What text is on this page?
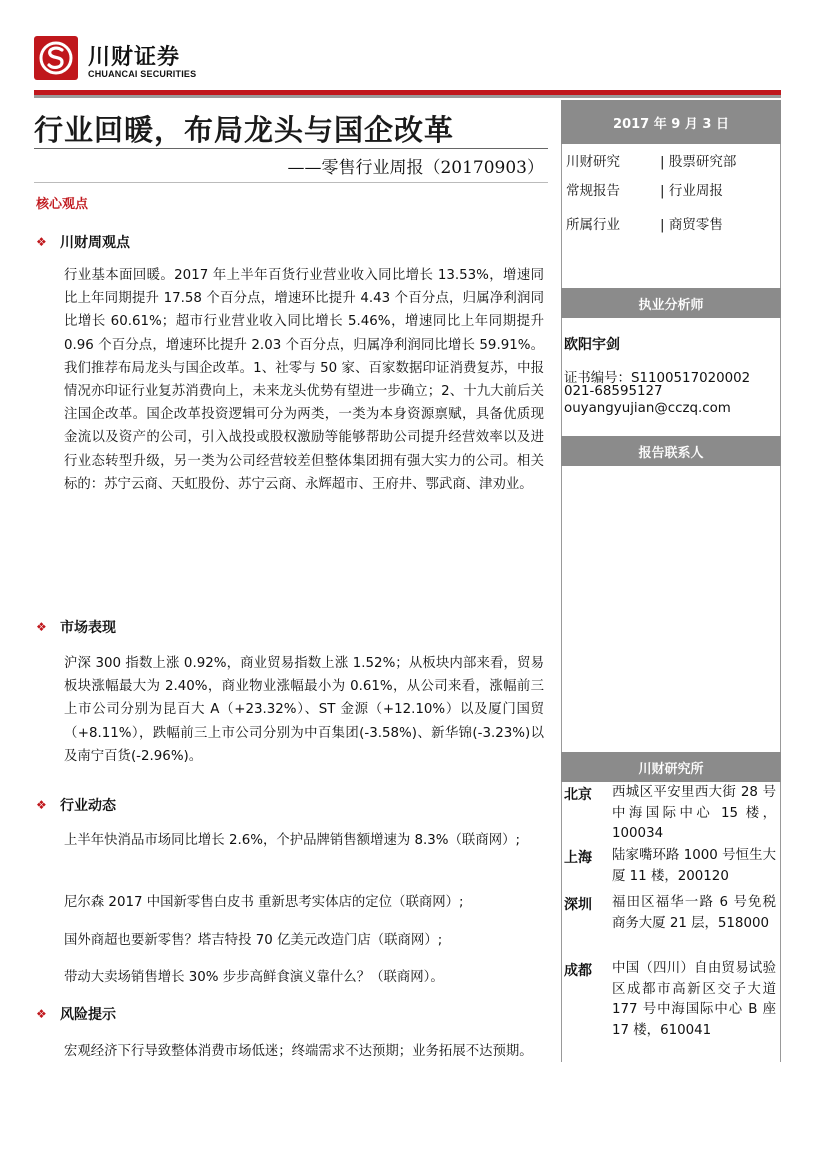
川财证券
CHUANCAI SECURITIES
行业回暖，布局龙头与国企改革
——零售行业周报（20170903）
核心观点
❖ 川财周观点
行业基本面回暖。2017 年上半年百货行业营业收入同比增长 13.53%，增速同比上年同期提升 17.58 个百分点，增速环比提升 4.43 个百分点，归属净利润同比增长 60.61%；超市行业营业收入同比增长 5.46%，增速同比上年同期提升 0.96 个百分点，增速环比提升 2.03 个百分点，归属净利润同比增长 59.91%。我们推荐布局龙头与国企改革。1、社零与 50 家、百家数据印证消费复苏，中报情况亦印证行业复苏消费向上，未来龙头优势有望进一步确立；2、十九大前后关注国企改革。国企改革投资逻辑可分为两类，一类为本身资源禀赋，具备优质现金流以及资产的公司，引入战投或股权激励等能够帮助公司提升经营效率以及进行业态转型升级，另一类为公司经营较差但整体集团拥有强大实力的公司。相关标的：苏宁云商、天虹股份、苏宁云商、永辉超市、王府井、鄂武商、津劝业。
❖ 市场表现
沪深 300 指数上涨 0.92%，商业贸易指数上涨 1.52%；从板块内部来看，贸易板块涨幅最大为 2.40%，商业物业涨幅最小为 0.61%，从公司来看，涨幅前三上市公司分别为昆百大 A（+23.32%）、ST 金源（+12.10%）以及厦门国贸（+8.11%），跌幅前三上市公司分别为中百集团(-3.58%)、新华锦(-3.23%)以及南宁百货(-2.96%)。
❖ 行业动态
上半年快消品市场同比增长 2.6%，个护品牌销售额增速为 8.3%（联商网）;
尼尔森 2017 中国新零售白皮书 重新思考实体店的定位（联商网）;
国外商超也要新零售？塔吉特投 70 亿美元改造门店（联商网）;
带动大卖场销售增长 30% 步步高鲜食演义靠什么？（联商网）。
❖ 风险提示
宏观经济下行导致整体消费市场低迷；终端需求不达预期；业务拓展不达预期。
2017 年 9 月 3 日
川财研究	| 股票研究部
常规报告	| 行业周报
所属行业	| 商贸零售
执业分析师
欧阳宇剑
证书编号：S1100517020002
021-68595127
ouyangyujian@cczq.com
报告联系人
川财研究所
北京 西城区平安里西大街 28 号中海国际中心 15 楼，100034
上海 陆家嘴环路 1000 号恒生大厦 11 楼，200120
深圳 福田区福华一路 6 号免税商务大厦 21 层，518000
成都 中国（四川）自由贸易试验区成都市高新区交子大道 177 号中海国际中心 B 座 17 楼，610041
